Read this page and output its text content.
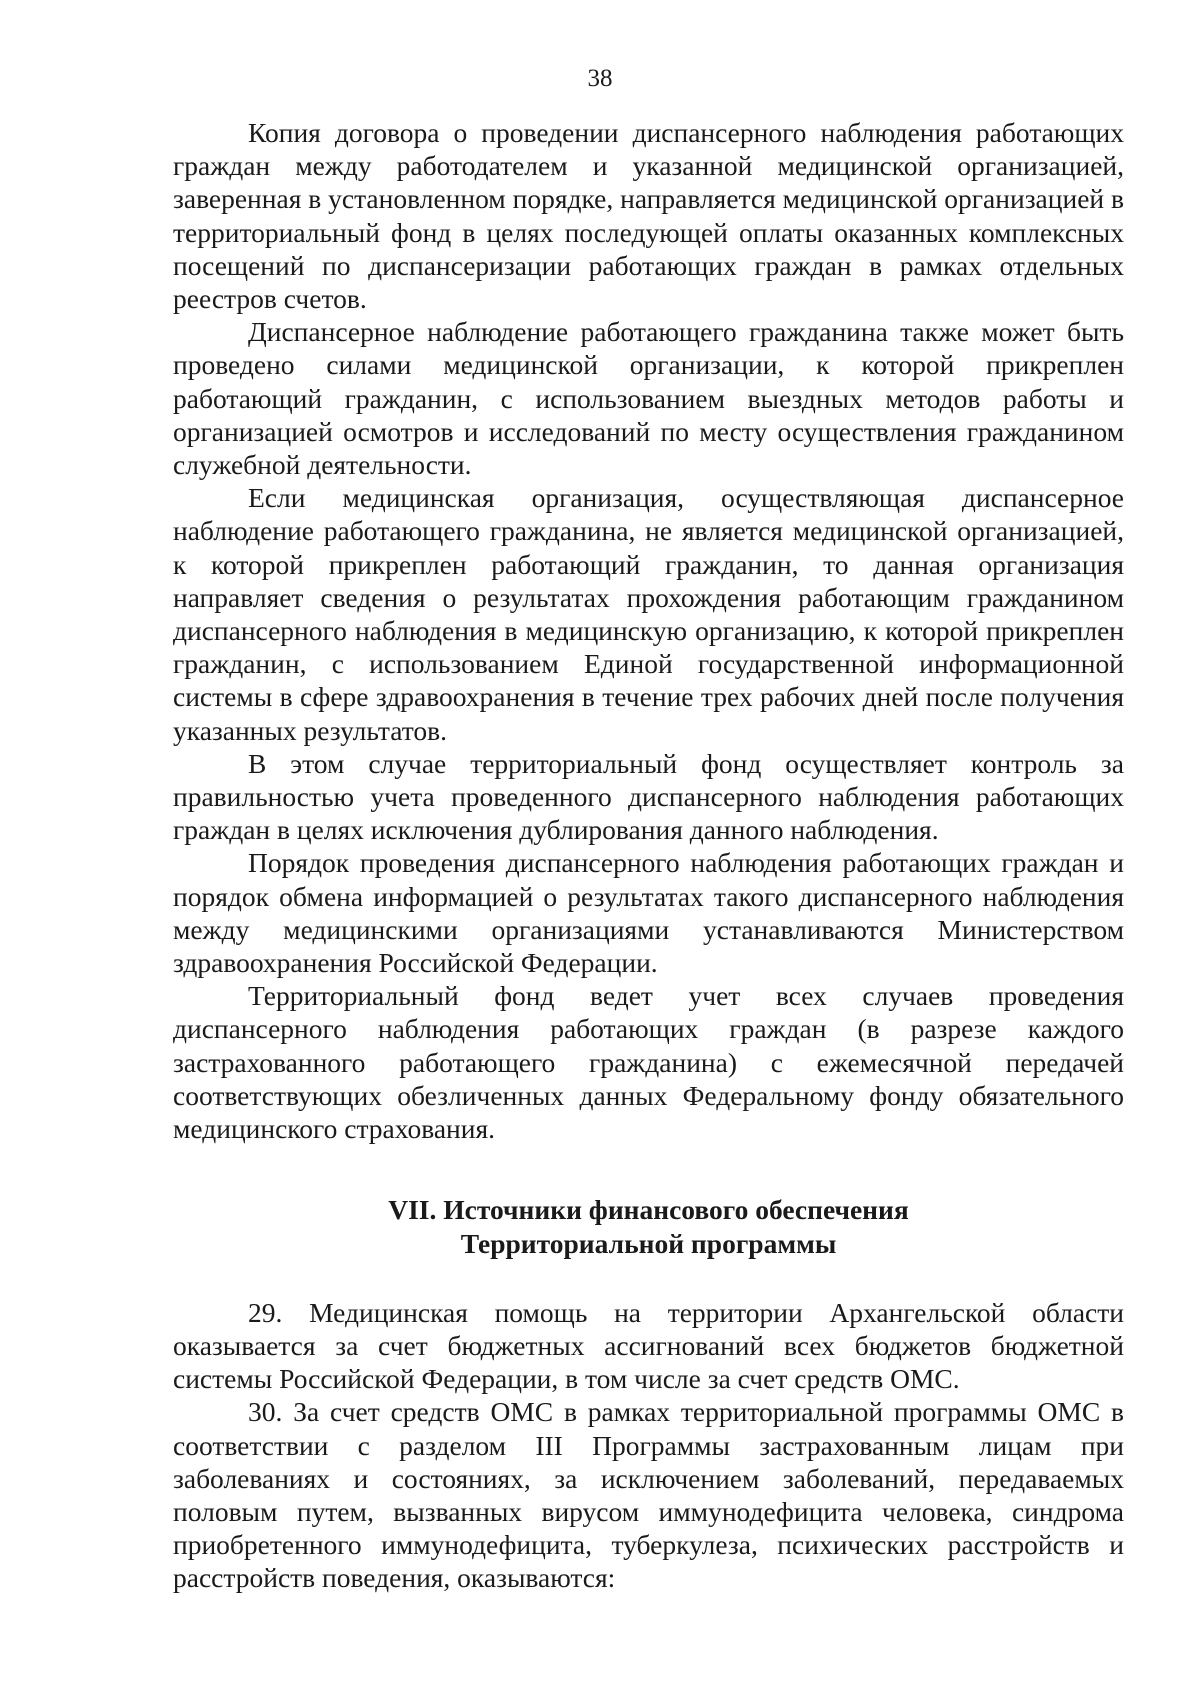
38

Копия договора о проведении диспансерного наблюдения работающих граждан между работодателем и указанной медицинской организацией, заверенная в установленном порядке, направляется медицинской организацией в территориальный фонд в целях последующей оплаты оказанных комплексных посещений по диспансеризации работающих граждан в рамках отдельных реестров счетов.

Диспансерное наблюдение работающего гражданина также может быть проведено силами медицинской организации, к которой прикреплен работающий гражданин, с использованием выездных методов работы и организацией осмотров и исследований по месту осуществления гражданином служебной деятельности.

Если медицинская организация, осуществляющая диспансерное наблюдение работающего гражданина, не является медицинской организацией, к которой прикреплен работающий гражданин, то данная организация направляет сведения о результатах прохождения работающим гражданином диспансерного наблюдения в медицинскую организацию, к которой прикреплен гражданин, с использованием Единой государственной информационной системы в сфере здравоохранения в течение трех рабочих дней после получения указанных результатов.

В этом случае территориальный фонд осуществляет контроль за правильностью учета проведенного диспансерного наблюдения работающих граждан в целях исключения дублирования данного наблюдения.

Порядок проведения диспансерного наблюдения работающих граждан и порядок обмена информацией о результатах такого диспансерного наблюдения между медицинскими организациями устанавливаются Министерством здравоохранения Российской Федерации.

Территориальный фонд ведет учет всех случаев проведения диспансерного наблюдения работающих граждан (в разрезе каждого застрахованного работающего гражданина) с ежемесячной передачей соответствующих обезличенных данных Федеральному фонду обязательного медицинского страхования.

VII. Источники финансового обеспечения
Территориальной программы

29. Медицинская помощь на территории Архангельской области оказывается за счет бюджетных ассигнований всех бюджетов бюджетной системы Российской Федерации, в том числе за счет средств ОМС.

30. За счет средств ОМС в рамках территориальной программы ОМС в соответствии с разделом III Программы застрахованным лицам при заболеваниях и состояниях, за исключением заболеваний, передаваемых половым путем, вызванных вирусом иммунодефицита человека, синдрома приобретенного иммунодефицита, туберкулеза, психических расстройств и расстройств поведения, оказываются:
